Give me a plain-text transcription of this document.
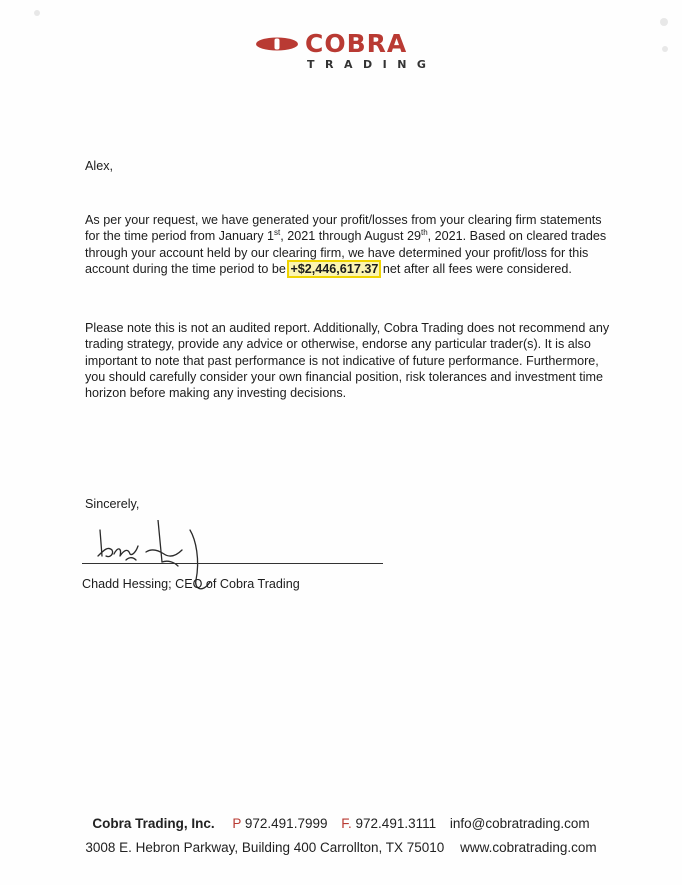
COBRA
TRADING
Alex,
As per your request, we have generated your profit/losses from your clearing firm statements
for the time period from January 1st, 2021 through August 29th, 2021. Based on cleared trades
through your account held by our clearing firm, we have determined your profit/loss for this
account during the time period to be +$2,446,617.37 net after all fees were considered.
Please note this is not an audited report. Additionally, Cobra Trading does not recommend any
trading strategy, provide any advice or otherwise, endorse any particular trader(s). It is also
important to note that past performance is not indicative of future performance. Furthermore,
you should carefully consider your own financial position, risk tolerances and investment time
horizon before making any investing decisions.
Sincerely,
Chadd Hessing; CEO of Cobra Trading
Cobra Trading, Inc. P 972.491.7999 F. 972.491.3111 info@cobratrading.com
3008 E. Hebron Parkway, Building 400 Carrollton, TX 75010 www.cobratrading.com
